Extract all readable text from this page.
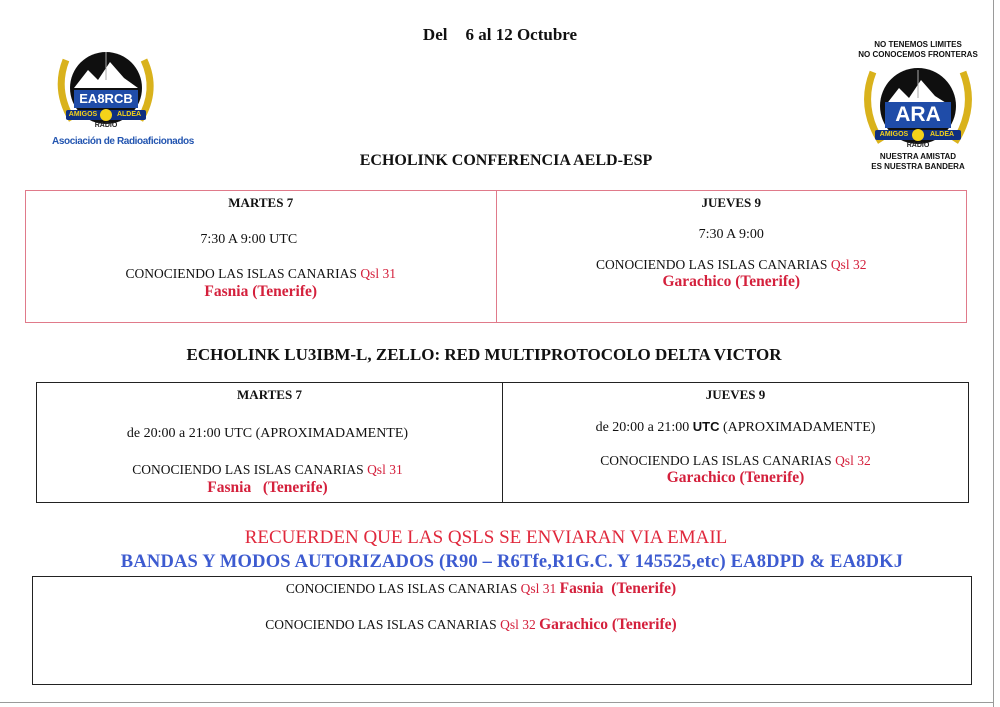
Del 6 al 12 Octubre
EA8RCB
AMIGOS	ALDEA
RADIO
Asociación de Radioaficionados
NO TENEMOS LIMITES
NO CONOCEMOS FRONTERAS
ARA
AMIGOS	ALDEA
RADIO
NUESTRA AMISTAD
ES NUESTRA BANDERA
ECHOLINK CONFERENCIA AELD-ESP
MARTES 7
7:30 A 9:00 UTC
CONOCIENDO LAS ISLAS CANARIAS Qsl 31
Fasnia (Tenerife)
JUEVES 9
7:30 A 9:00
CONOCIENDO LAS ISLAS CANARIAS Qsl 32
Garachico (Tenerife)
ECHOLINK LU3IBM-L, ZELLO: RED MULTIPROTOCOLO DELTA VICTOR
MARTES 7
de 20:00 a 21:00 UTC (APROXIMADAMENTE)
CONOCIENDO LAS ISLAS CANARIAS Qsl 31
Fasnia   (Tenerife)
JUEVES 9
de 20:00 a 21:00 UTC (APROXIMADAMENTE)
CONOCIENDO LAS ISLAS CANARIAS Qsl 32
Garachico (Tenerife)
RECUERDEN QUE LAS QSLS SE ENVIARAN VIA EMAIL
BANDAS Y MODOS AUTORIZADOS (R90 – R6Tfe,R1G.C. Y 145525,etc) EA8DPD & EA8DKJ
CONOCIENDO LAS ISLAS CANARIAS Qsl 31 Fasnia  (Tenerife)
CONOCIENDO LAS ISLAS CANARIAS Qsl 32 Garachico (Tenerife)
